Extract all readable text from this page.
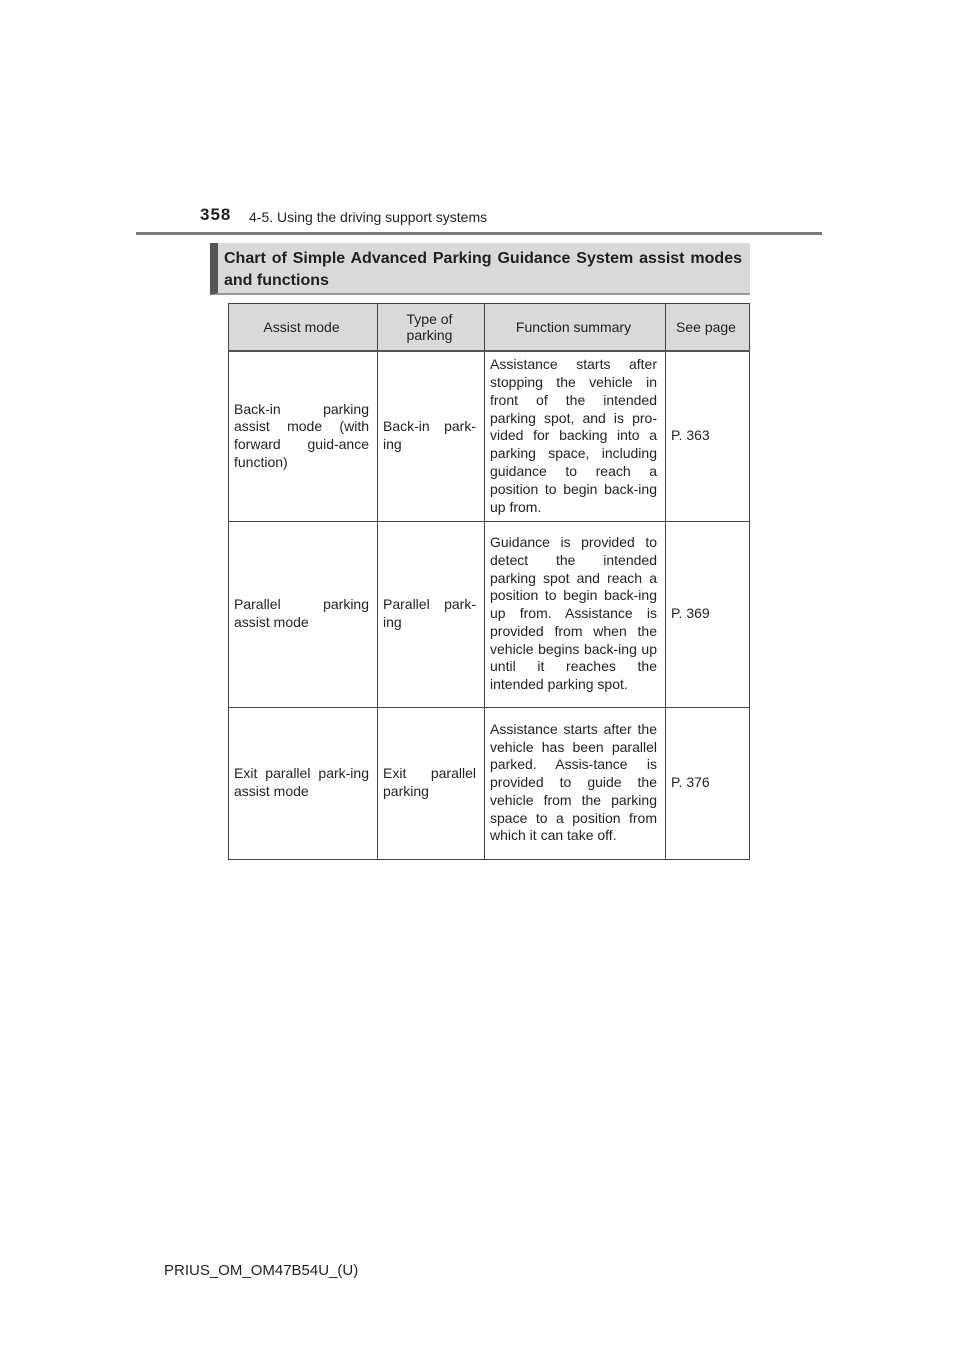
358 4-5. Using the driving support systems
Chart of Simple Advanced Parking Guidance System assist modes and functions
Assist mode	Type of parking	Function summary	See page
Back-in parking assist mode (with forward guid-ance function)	Back-in park-ing	Assistance starts after stopping the vehicle in front of the intended parking spot, and is pro-vided for backing into a parking space, including guidance to reach a position to begin back-ing up from.	P. 363
Parallel parking assist mode	Parallel park-ing	Guidance is provided to detect the intended parking spot and reach a position to begin back-ing up from. Assistance is provided from when the vehicle begins back-ing up until it reaches the intended parking spot.	P. 369
Exit parallel park-ing assist mode	Exit parallel parking	Assistance starts after the vehicle has been parallel parked. Assis-tance is provided to guide the vehicle from the parking space to a position from which it can take off.	P. 376
PRIUS_OM_OM47B54U_(U)
